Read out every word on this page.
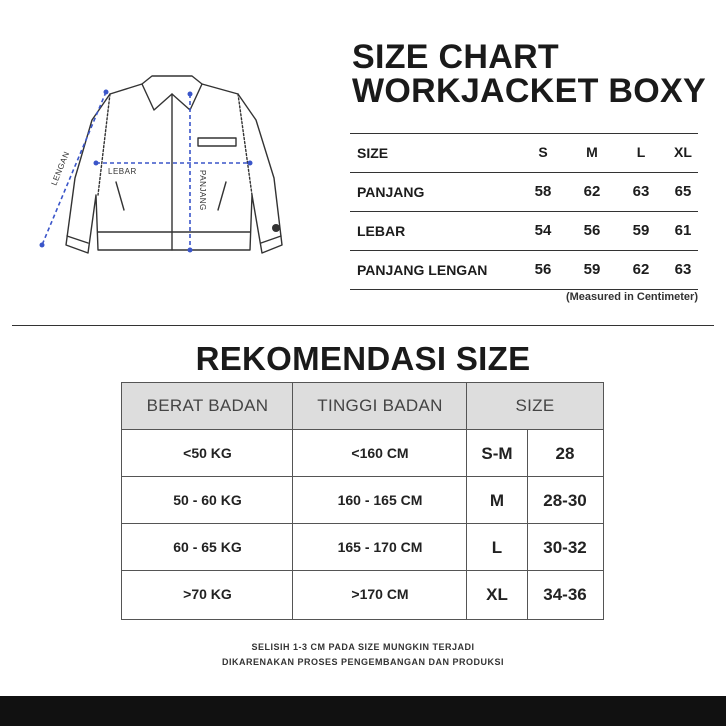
LEBAR	PANJANG
LENGAN
SIZE CHART
WORKJACKET BOXY
SIZE	S	M	L	XL
PANJANG	58	62	63	65
LEBAR	54	56	59	61
PANJANG LENGAN	56	59	62	63
(Measured in Centimeter)
REKOMENDASI SIZE
BERAT BADAN	TINGGI BADAN	SIZE
<50 KG	<160 CM	S-M	28
50 - 60 KG	160 - 165 CM	M	28-30
60 - 65 KG	165 - 170 CM	L	30-32
>70 KG	>170 CM	XL	34-36
SELISIH 1-3 CM PADA SIZE MUNGKIN TERJADI
DIKARENAKAN PROSES PENGEMBANGAN DAN PRODUKSI
